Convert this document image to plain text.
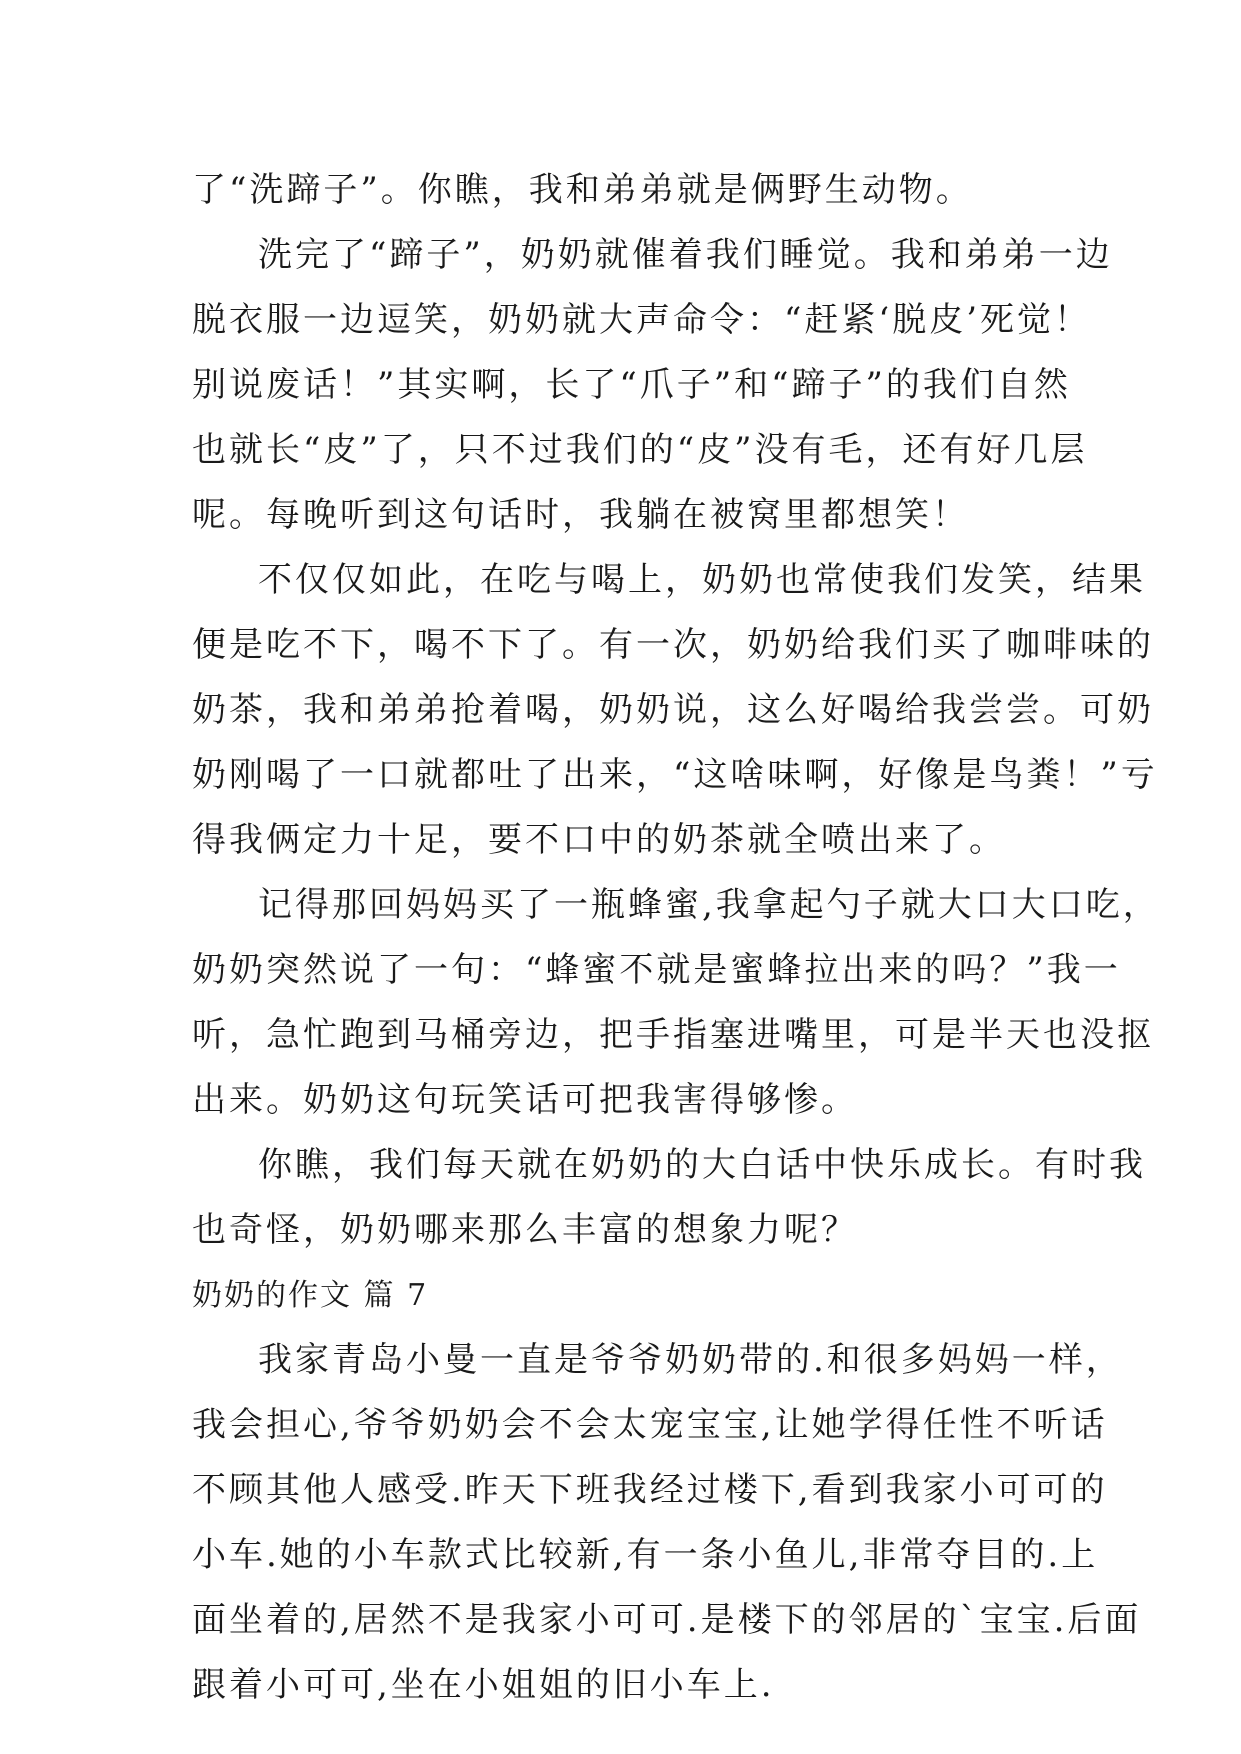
了“洗蹄子”。你瞧，我和弟弟就是俩野生动物。
洗完了“蹄子”，奶奶就催着我们睡觉。我和弟弟一边
脱衣服一边逗笑，奶奶就大声命令：“赶紧‘脱皮’死觉！
别说废话！”其实啊，长了“爪子”和“蹄子”的我们自然
也就长“皮”了，只不过我们的“皮”没有毛，还有好几层
呢。每晚听到这句话时，我躺在被窝里都想笑！
不仅仅如此，在吃与喝上，奶奶也常使我们发笑，结果
便是吃不下，喝不下了。有一次，奶奶给我们买了咖啡味的
奶茶，我和弟弟抢着喝，奶奶说，这么好喝给我尝尝。可奶
奶刚喝了一口就都吐了出来，“这啥味啊，好像是鸟粪！”亏
得我俩定力十足，要不口中的奶茶就全喷出来了。
记得那回妈妈买了一瓶蜂蜜,我拿起勺子就大口大口吃，
奶奶突然说了一句：“蜂蜜不就是蜜蜂拉出来的吗？”我一
听，急忙跑到马桶旁边，把手指塞进嘴里，可是半天也没抠
出来。奶奶这句玩笑话可把我害得够惨。
你瞧，我们每天就在奶奶的大白话中快乐成长。有时我
也奇怪，奶奶哪来那么丰富的想象力呢？
奶奶的作文 篇 7
我家青岛小曼一直是爷爷奶奶带的.和很多妈妈一样，
我会担心,爷爷奶奶会不会太宠宝宝,让她学得任性不听话
不顾其他人感受.昨天下班我经过楼下,看到我家小可可的
小车.她的小车款式比较新,有一条小鱼儿,非常夺目的.上
面坐着的,居然不是我家小可可.是楼下的邻居的`宝宝.后面
跟着小可可,坐在小姐姐的旧小车上.
